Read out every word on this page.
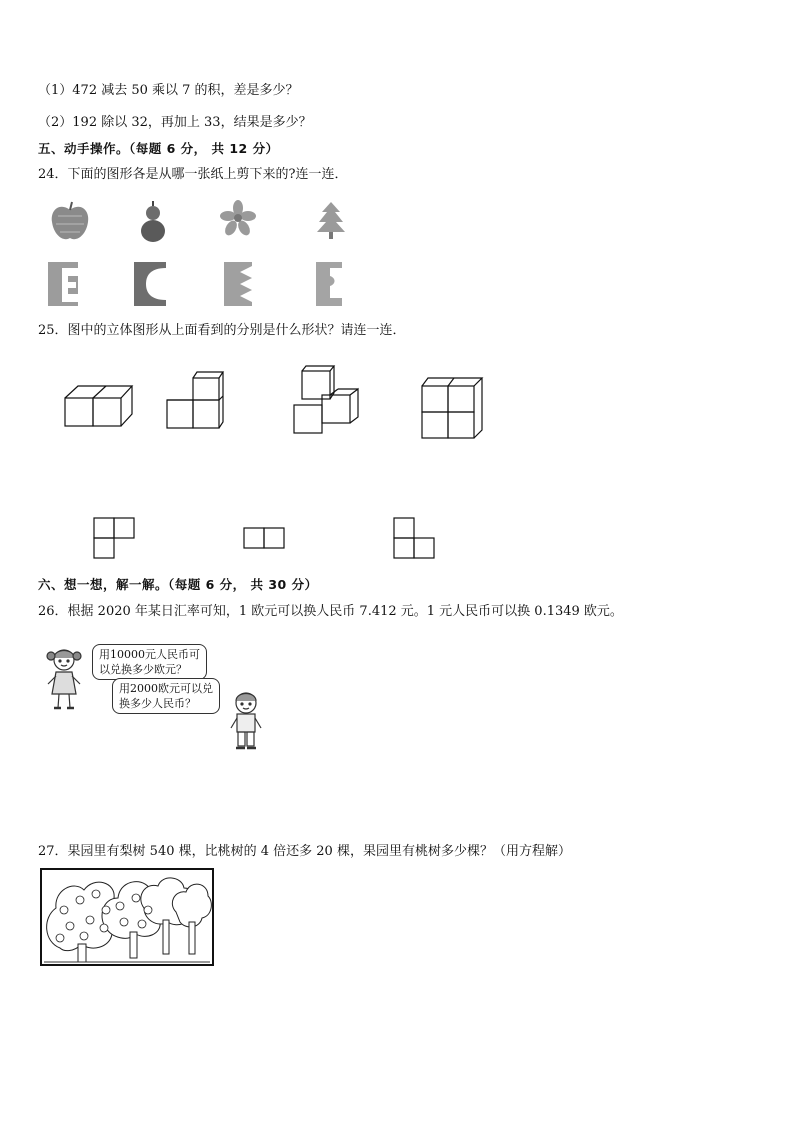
（1）472 减去 50 乘以 7 的积，差是多少？
（2）192 除以 32，再加上 33，结果是多少？
五、动手操作。（每题 6 分， 共 12 分）
24．下面的图形各是从哪一张纸上剪下来的?连一连．
25．图中的立体图形从上面看到的分别是什么形状？请连一连．
六、想一想，解一解。（每题 6 分， 共 30 分）
26．根据 2020 年某日汇率可知，1 欧元可以换人民币 7.412 元。1 元人民币可以换 0.1349 欧元。
用10000元人民币可
以兑换多少欧元？
用2000欧元可以兑
换多少人民币？
27．果园里有梨树 540 棵，比桃树的 4 倍还多 20 棵，果园里有桃树多少棵？（用方程解）
